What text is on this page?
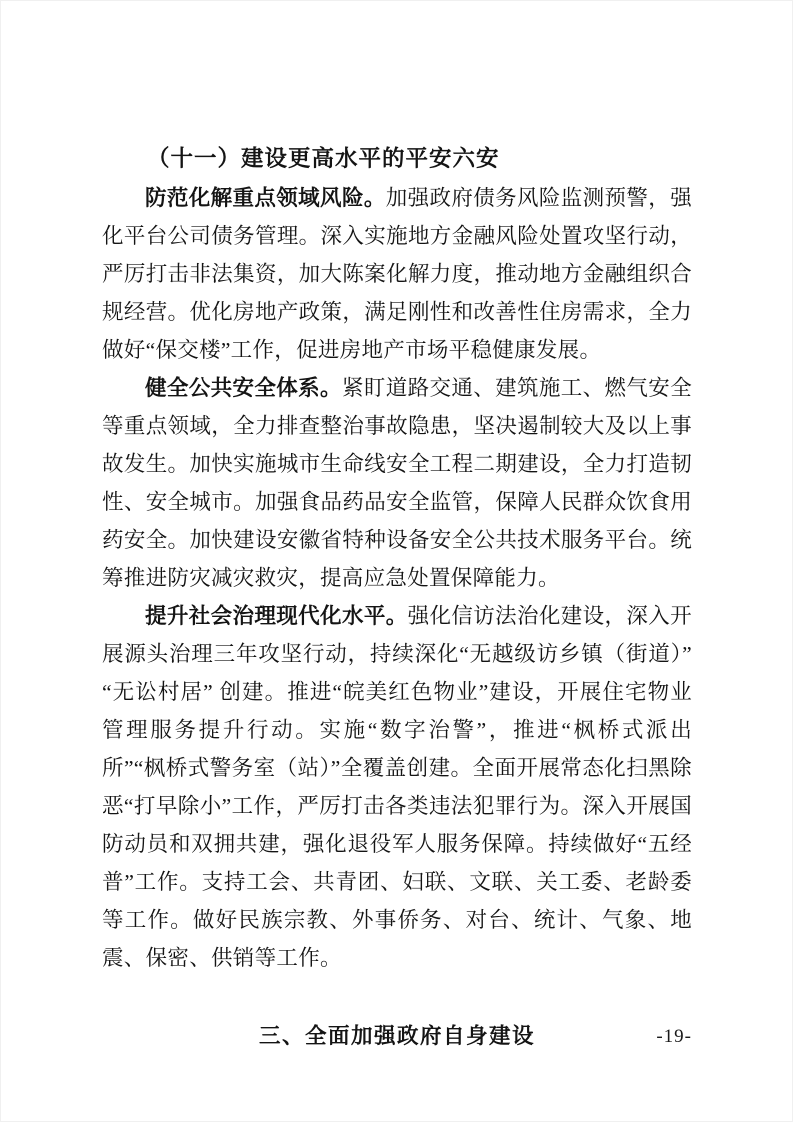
（十一）建设更高水平的平安六安

防范化解重点领域风险。加强政府债务风险监测预警，强化平台公司债务管理。深入实施地方金融风险处置攻坚行动，严厉打击非法集资，加大陈案化解力度，推动地方金融组织合规经营。优化房地产政策，满足刚性和改善性住房需求，全力做好“保交楼”工作，促进房地产市场平稳健康发展。

健全公共安全体系。紧盯道路交通、建筑施工、燃气安全等重点领域，全力排查整治事故隐患，坚决遏制较大及以上事故发生。加快实施城市生命线安全工程二期建设，全力打造韧性、安全城市。加强食品药品安全监管，保障人民群众饮食用药安全。加快建设安徽省特种设备安全公共技术服务平台。统筹推进防灾减灾救灾，提高应急处置保障能力。

提升社会治理现代化水平。强化信访法治化建设，深入开展源头治理三年攻坚行动，持续深化“无越级访乡镇（街道）” “无讼村居” 创建。推进“皖美红色物业”建设，开展住宅物业管理服务提升行动。实施“数字治警”，推进“枫桥式派出所”“枫桥式警务室（站）”全覆盖创建。全面开展常态化扫黑除恶“打早除小”工作，严厉打击各类违法犯罪行为。深入开展国防动员和双拥共建，强化退役军人服务保障。持续做好“五经普”工作。支持工会、共青团、妇联、文联、关工委、老龄委等工作。做好民族宗教、外事侨务、对台、统计、气象、地震、保密、供销等工作。

三、全面加强政府自身建设	-19-
